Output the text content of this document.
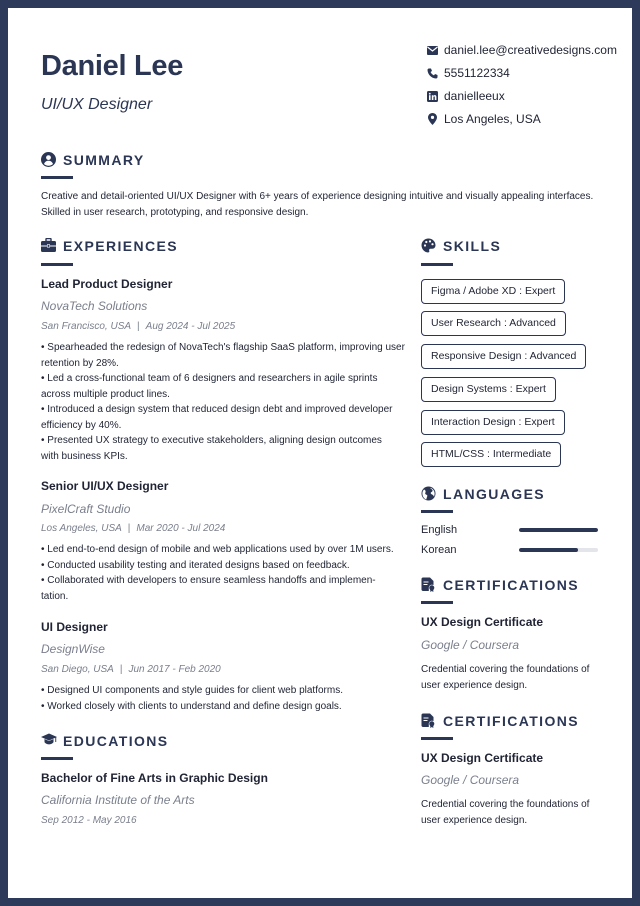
Daniel Lee
UI/UX Designer
daniel.lee@creativedesigns.com
5551122334
danielleeux
Los Angeles, USA
SUMMARY
Creative and detail-oriented UI/UX Designer with 6+ years of experience designing intuitive and visually appealing interfaces.
Skilled in user research, prototyping, and responsive design.
EXPERIENCES
Lead Product Designer
NovaTech Solutions
San Francisco, USA | Aug 2024 - Jul 2025
• Spearheaded the redesign of NovaTech's flagship SaaS platform, improving user
retention by 28%.
• Led a cross-functional team of 6 designers and researchers in agile sprints
across multiple product lines.
• Introduced a design system that reduced design debt and improved developer
efficiency by 40%.
• Presented UX strategy to executive stakeholders, aligning design outcomes
with business KPIs.
Senior UI/UX Designer
PixelCraft Studio
Los Angeles, USA | Mar 2020 - Jul 2024
• Led end-to-end design of mobile and web applications used by over 1M users.
• Conducted usability testing and iterated designs based on feedback.
• Collaborated with developers to ensure seamless handoffs and implemen-
tation.
UI Designer
DesignWise
San Diego, USA | Jun 2017 - Feb 2020
• Designed UI components and style guides for client web platforms.
• Worked closely with clients to understand and define design goals.
EDUCATIONS
Bachelor of Fine Arts in Graphic Design
California Institute of the Arts
Sep 2012 - May 2016
SKILLS
Figma / Adobe XD : Expert
User Research : Advanced
Responsive Design : Advanced
Design Systems : Expert
Interaction Design : Expert
HTML/CSS : Intermediate
LANGUAGES
English
Korean
CERTIFICATIONS
UX Design Certificate
Google / Coursera
Credential covering the foundations of
user experience design.
CERTIFICATIONS
UX Design Certificate
Google / Coursera
Credential covering the foundations of
user experience design.
